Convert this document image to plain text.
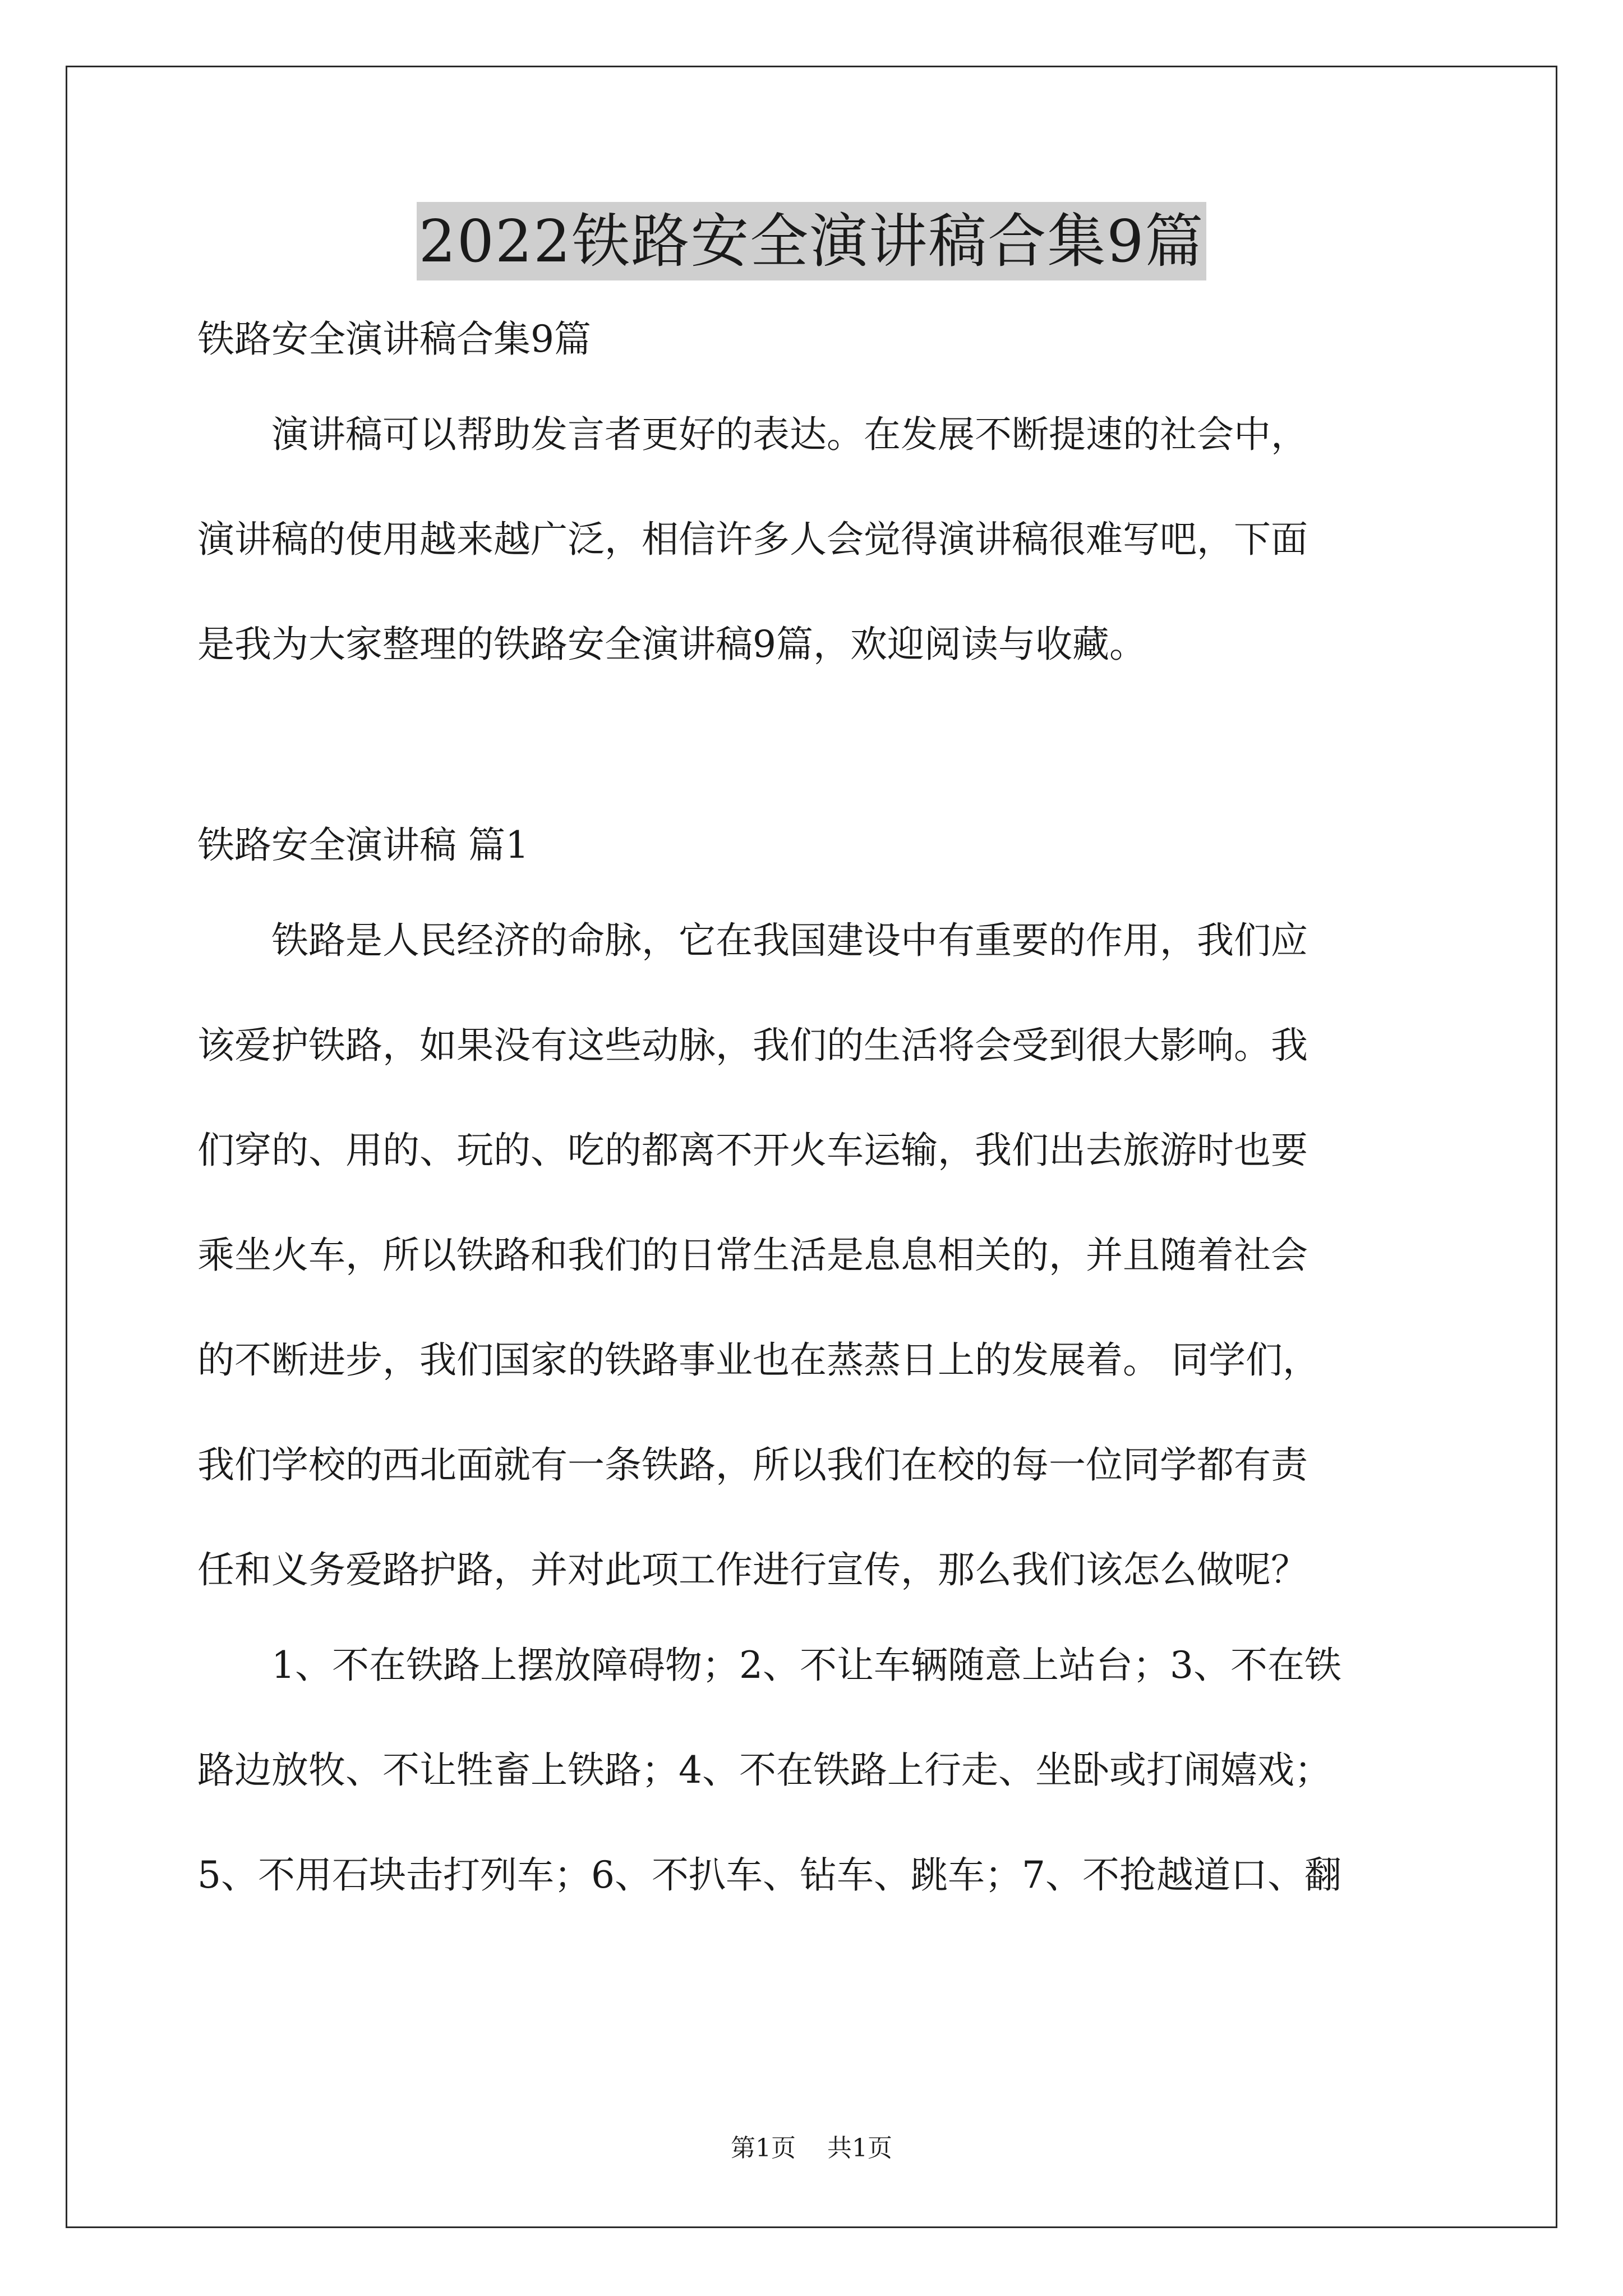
2022铁路安全演讲稿合集9篇
铁路安全演讲稿合集9篇
演讲稿可以帮助发言者更好的表达。在发展不断提速的社会中，
演讲稿的使用越来越广泛，相信许多人会觉得演讲稿很难写吧，下面
是我为大家整理的铁路安全演讲稿9篇，欢迎阅读与收藏。
铁路安全演讲稿 篇1
铁路是人民经济的命脉，它在我国建设中有重要的作用，我们应
该爱护铁路，如果没有这些动脉，我们的生活将会受到很大影响。我
们穿的、用的、玩的、吃的都离不开火车运输，我们出去旅游时也要
乘坐火车，所以铁路和我们的日常生活是息息相关的，并且随着社会
的不断进步，我们国家的铁路事业也在蒸蒸日上的发展着。 同学们，
我们学校的西北面就有一条铁路，所以我们在校的每一位同学都有责
任和义务爱路护路，并对此项工作进行宣传，那么我们该怎么做呢？
1、不在铁路上摆放障碍物；2、不让车辆随意上站台；3、不在铁
路边放牧、不让牲畜上铁路；4、不在铁路上行走、坐卧或打闹嬉戏；
5、不用石块击打列车；6、不扒车、钻车、跳车；7、不抢越道口、翻
第1页 共1页
